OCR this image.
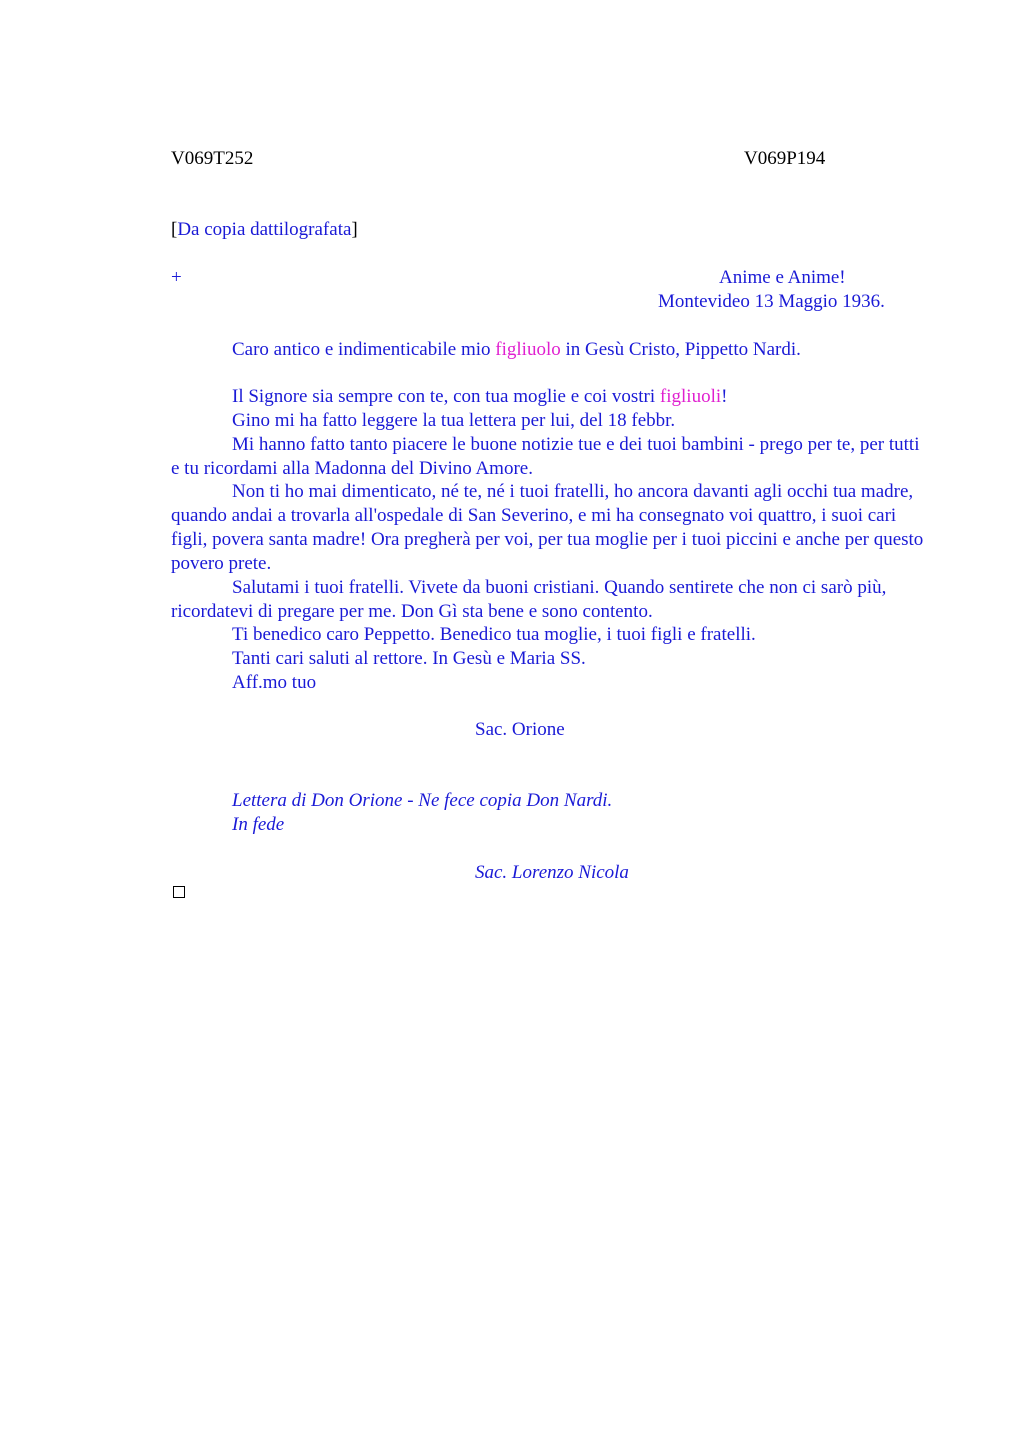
V069T252	V069P194
[Da copia dattilografata]
+	Anime e Anime!
Montevideo 13 Maggio 1936.
Caro antico e indimenticabile mio figliuolo in Gesù Cristo, Pippetto Nardi.
Il Signore sia sempre con te, con tua moglie e coi vostri figliuoli!

Gino mi ha fatto leggere la tua lettera per lui, del 18 febbr.

Mi hanno fatto tanto piacere le buone notizie tue e dei tuoi bambini - prego per te, per tutti e tu ricordami alla Madonna del Divino Amore.

Non ti ho mai dimenticato, né te, né i tuoi fratelli, ho ancora davanti agli occhi tua madre, quando andai a trovarla all'ospedale di San Severino, e mi ha consegnato voi quattro, i suoi cari figli, povera santa madre! Ora pregherà per voi, per tua moglie per i tuoi piccini e anche per questo povero prete.

Salutami i tuoi fratelli. Vivete da buoni cristiani. Quando sentirete che non ci sarò più, ricordatevi di pregare per me. Don Gì sta bene e sono contento.

Ti benedico caro Peppetto. Benedico tua moglie, i tuoi figli e fratelli.

Tanti cari saluti al rettore. In Gesù e Maria SS.

Aff.mo tuo

Sac. Orione
Lettera di Don Orione - Ne fece copia Don Nardi.
In fede
Sac. Lorenzo Nicola
